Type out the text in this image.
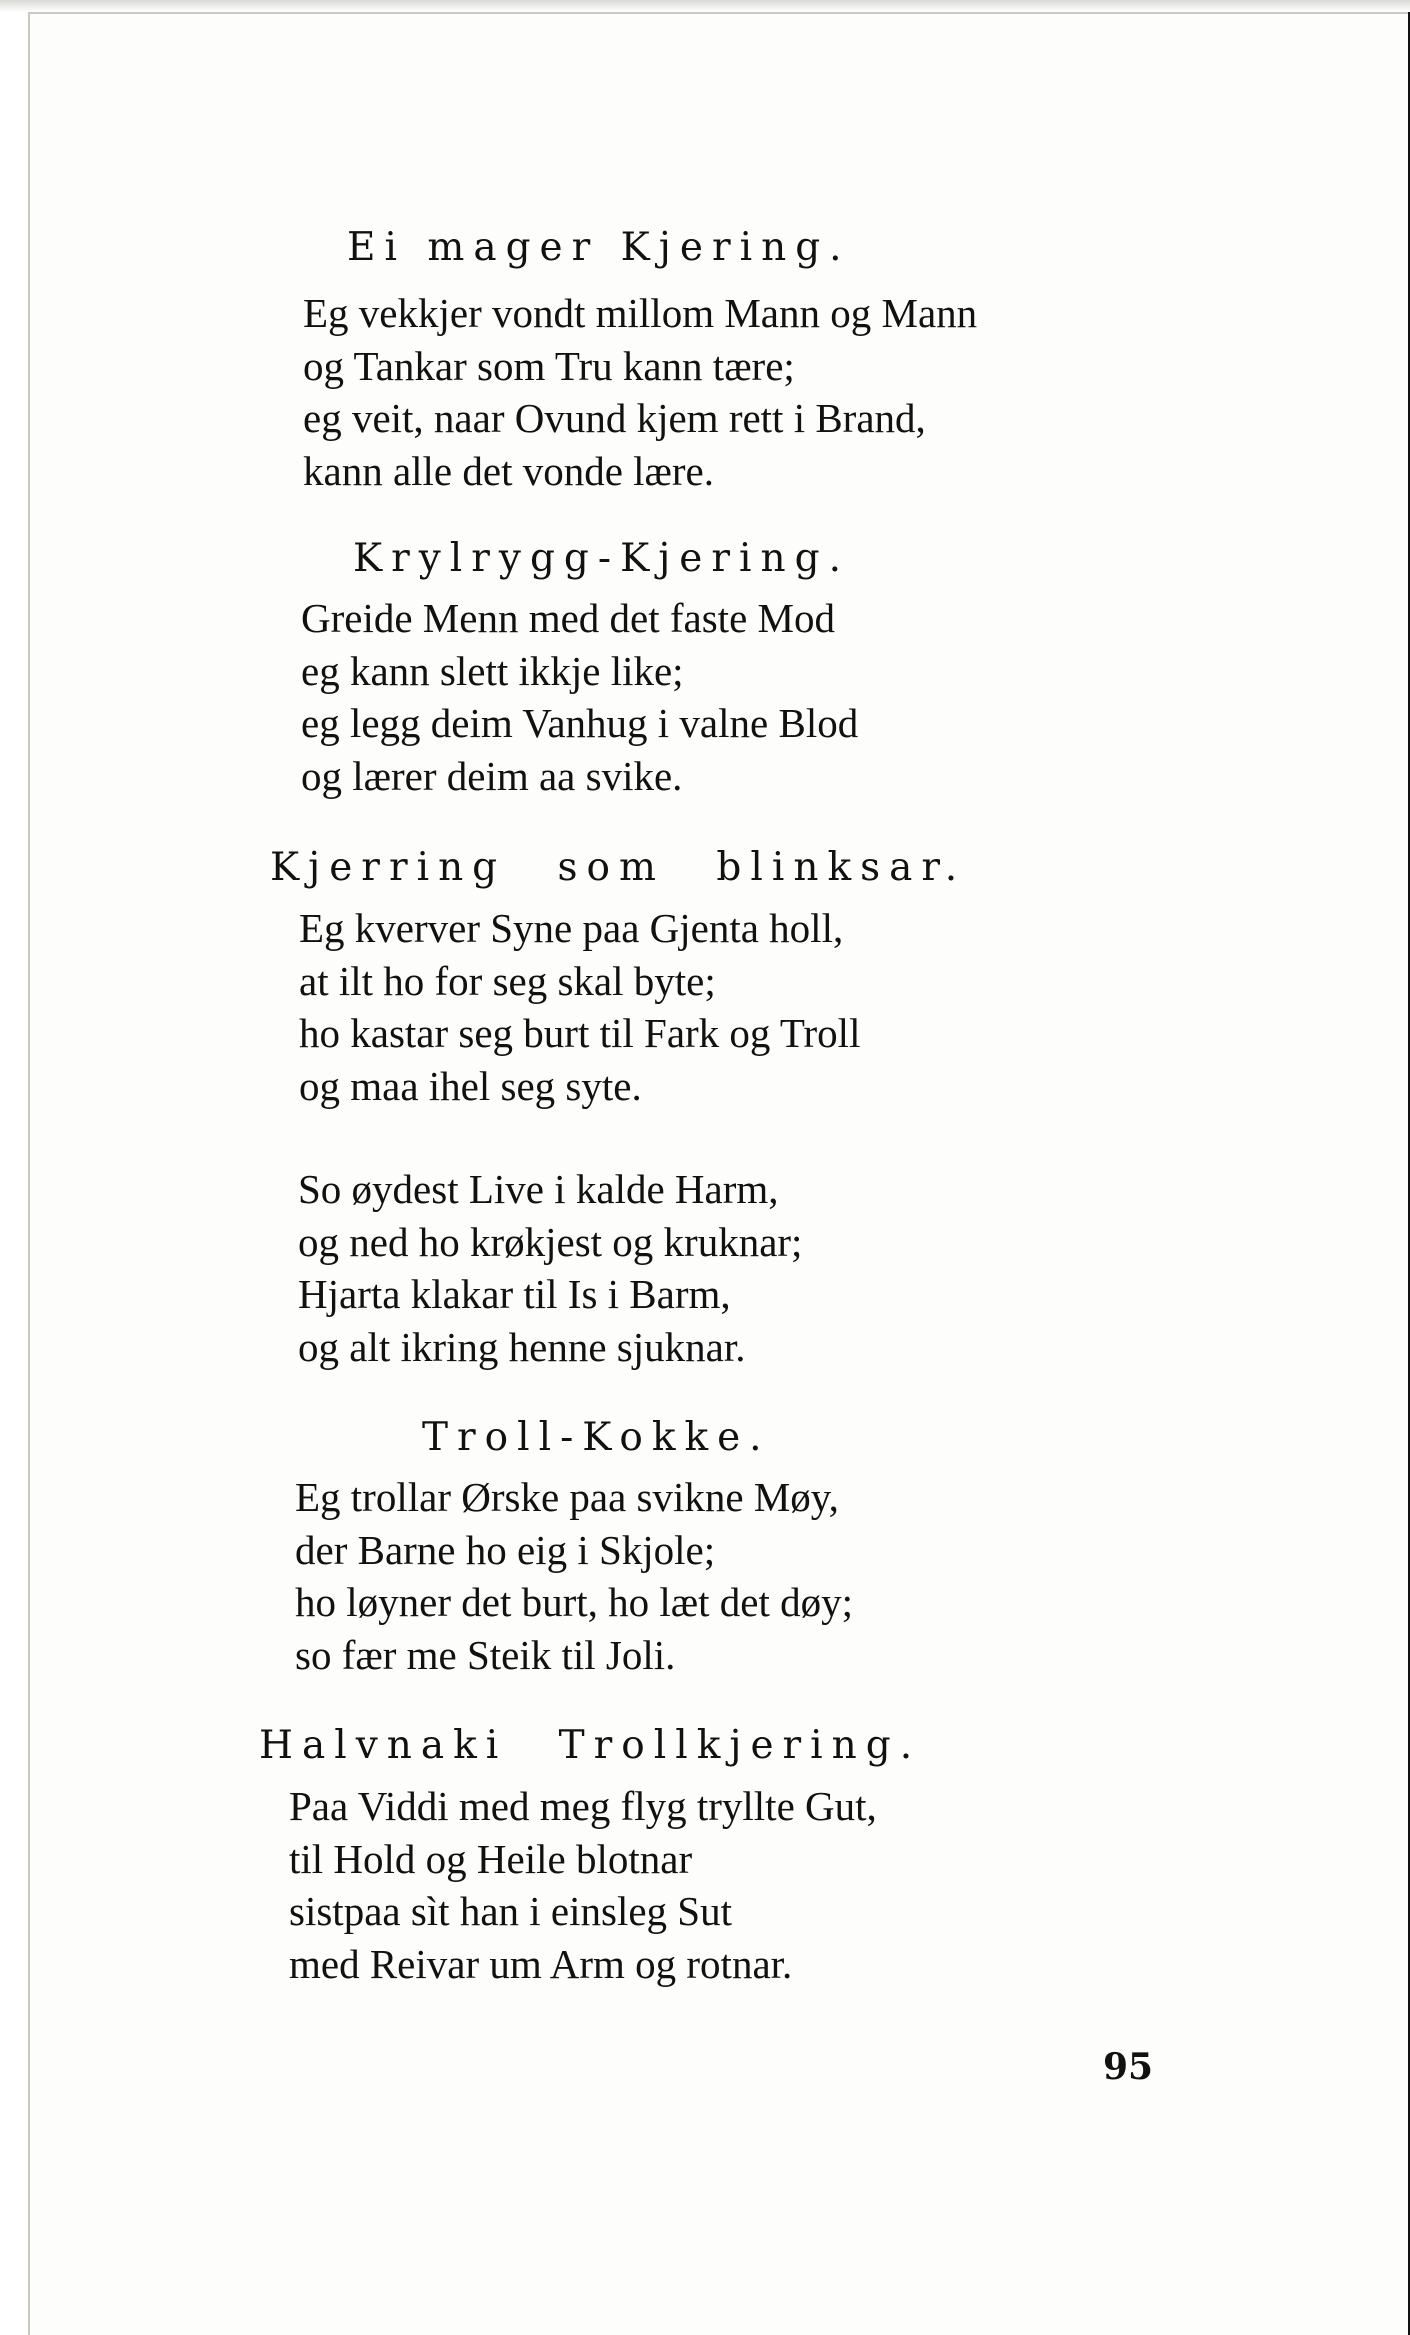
Ei mager Kjering.
Eg vekkjer vondt millom Mann og Mann
og Tankar som Tru kann tære;
eg veit, naar Ovund kjem rett i Brand,
kann alle det vonde lære.
Krylrygg-Kjering.
Greide Menn med det faste Mod
eg kann slett ikkje like;
eg legg deim Vanhug i valne Blod
og lærer deim aa svike.
Kjerring som blinksar.
Eg kverver Syne paa Gjenta holl,
at ilt ho for seg skal byte;
ho kastar seg burt til Fark og Troll
og maa ihel seg syte.
So øydest Live i kalde Harm,
og ned ho krøkjest og kruknar;
Hjarta klakar til Is i Barm,
og alt ikring henne sjuknar.
Troll-Kokke.
Eg trollar Ørske paa svikne Møy,
der Barne ho eig i Skjole;
ho løyner det burt, ho læt det døy;
so fær me Steik til Joli.
Halvnaki Trollkjering.
Paa Viddi med meg flyg tryllte Gut,
til Hold og Heile blotnar
sistpaa sìt han i einsleg Sut
med Reivar um Arm og rotnar.
95
